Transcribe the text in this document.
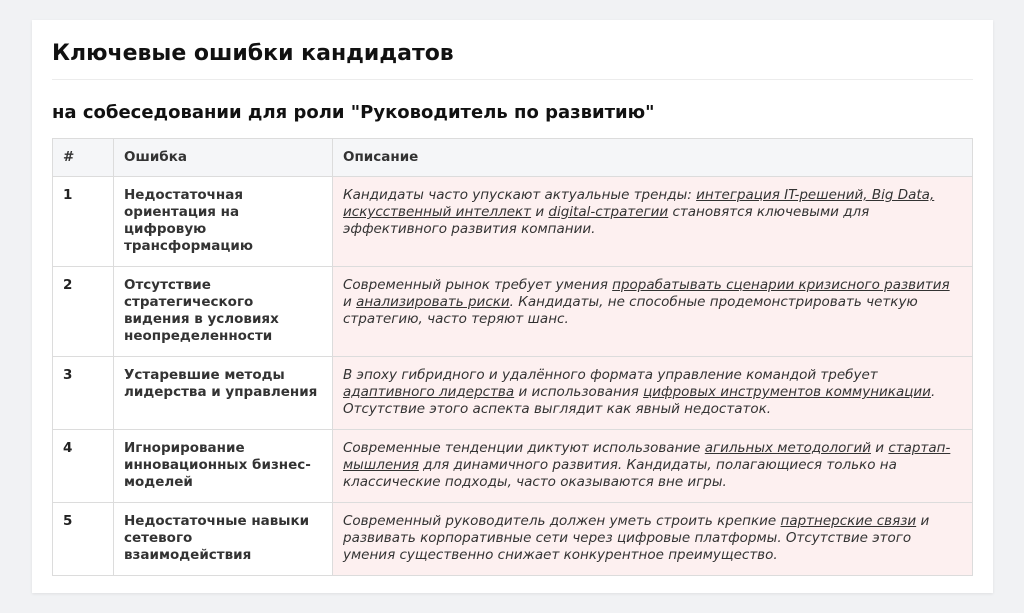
Ключевые ошибки кандидатов
на собеседовании для роли "Руководитель по развитию"
#	Ошибка	Описание
1	Недостаточная ориентация на цифровую трансформацию	Кандидаты часто упускают актуальные тренды: интеграция IT-решений, Big Data, искусственный интеллект и digital-стратегии становятся ключевыми для эффективного развития компании.
2	Отсутствие стратегического видения в условиях неопределенности	Современный рынок требует умения прорабатывать сценарии кризисного развития и анализировать риски. Кандидаты, не способные продемонстрировать четкую стратегию, часто теряют шанс.
3	Устаревшие методы лидерства и управления	В эпоху гибридного и удалённого формата управление командой требует адаптивного лидерства и использования цифровых инструментов коммуникации. Отсутствие этого аспекта выглядит как явный недостаток.
4	Игнорирование инновационных бизнес-моделей	Современные тенденции диктуют использование агильных методологий и стартап-мышления для динамичного развития. Кандидаты, полагающиеся только на классические подходы, часто оказываются вне игры.
5	Недостаточные навыки сетевого взаимодействия	Современный руководитель должен уметь строить крепкие партнерские связи и развивать корпоративные сети через цифровые платформы. Отсутствие этого умения существенно снижает конкурентное преимущество.
